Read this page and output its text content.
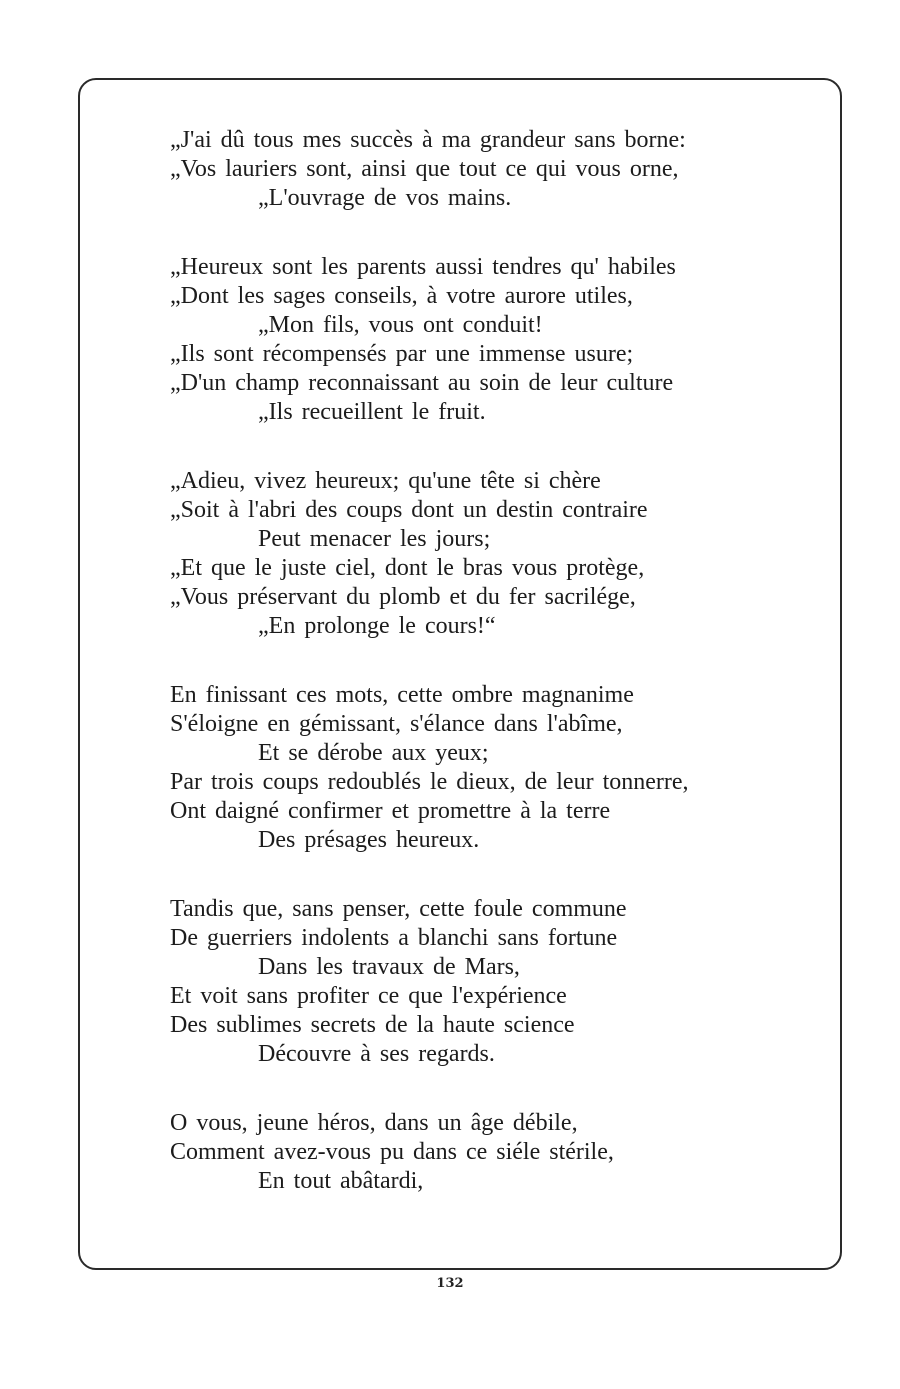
„J'ai dû tous mes succès à ma grandeur sans borne:
„Vos lauriers sont, ainsi que tout ce qui vous orne,
„L'ouvrage de vos mains.
„Heureux sont les parents aussi tendres qu' habiles
„Dont les sages conseils, à votre aurore utiles,
„Mon fils, vous ont conduit!
„Ils sont récompensés par une immense usure;
„D'un champ reconnaissant au soin de leur culture
„Ils recueillent le fruit.
„Adieu, vivez heureux; qu'une tête si chère
„Soit à l'abri des coups dont un destin contraire
Peut menacer les jours;
„Et que le juste ciel, dont le bras vous protège,
„Vous préservant du plomb et du fer sacrilége,
„En prolonge le cours!“
En finissant ces mots, cette ombre magnanime
S'éloigne en gémissant, s'élance dans l'abîme,
Et se dérobe aux yeux;
Par trois coups redoublés le dieux, de leur tonnerre,
Ont daigné confirmer et promettre à la terre
Des présages heureux.
Tandis que, sans penser, cette foule commune
De guerriers indolents a blanchi sans fortune
Dans les travaux de Mars,
Et voit sans profiter ce que l'expérience
Des sublimes secrets de la haute science
Découvre à ses regards.
O vous, jeune héros, dans un âge débile,
Comment avez-vous pu dans ce siéle stérile,
En tout abâtardi,
132
